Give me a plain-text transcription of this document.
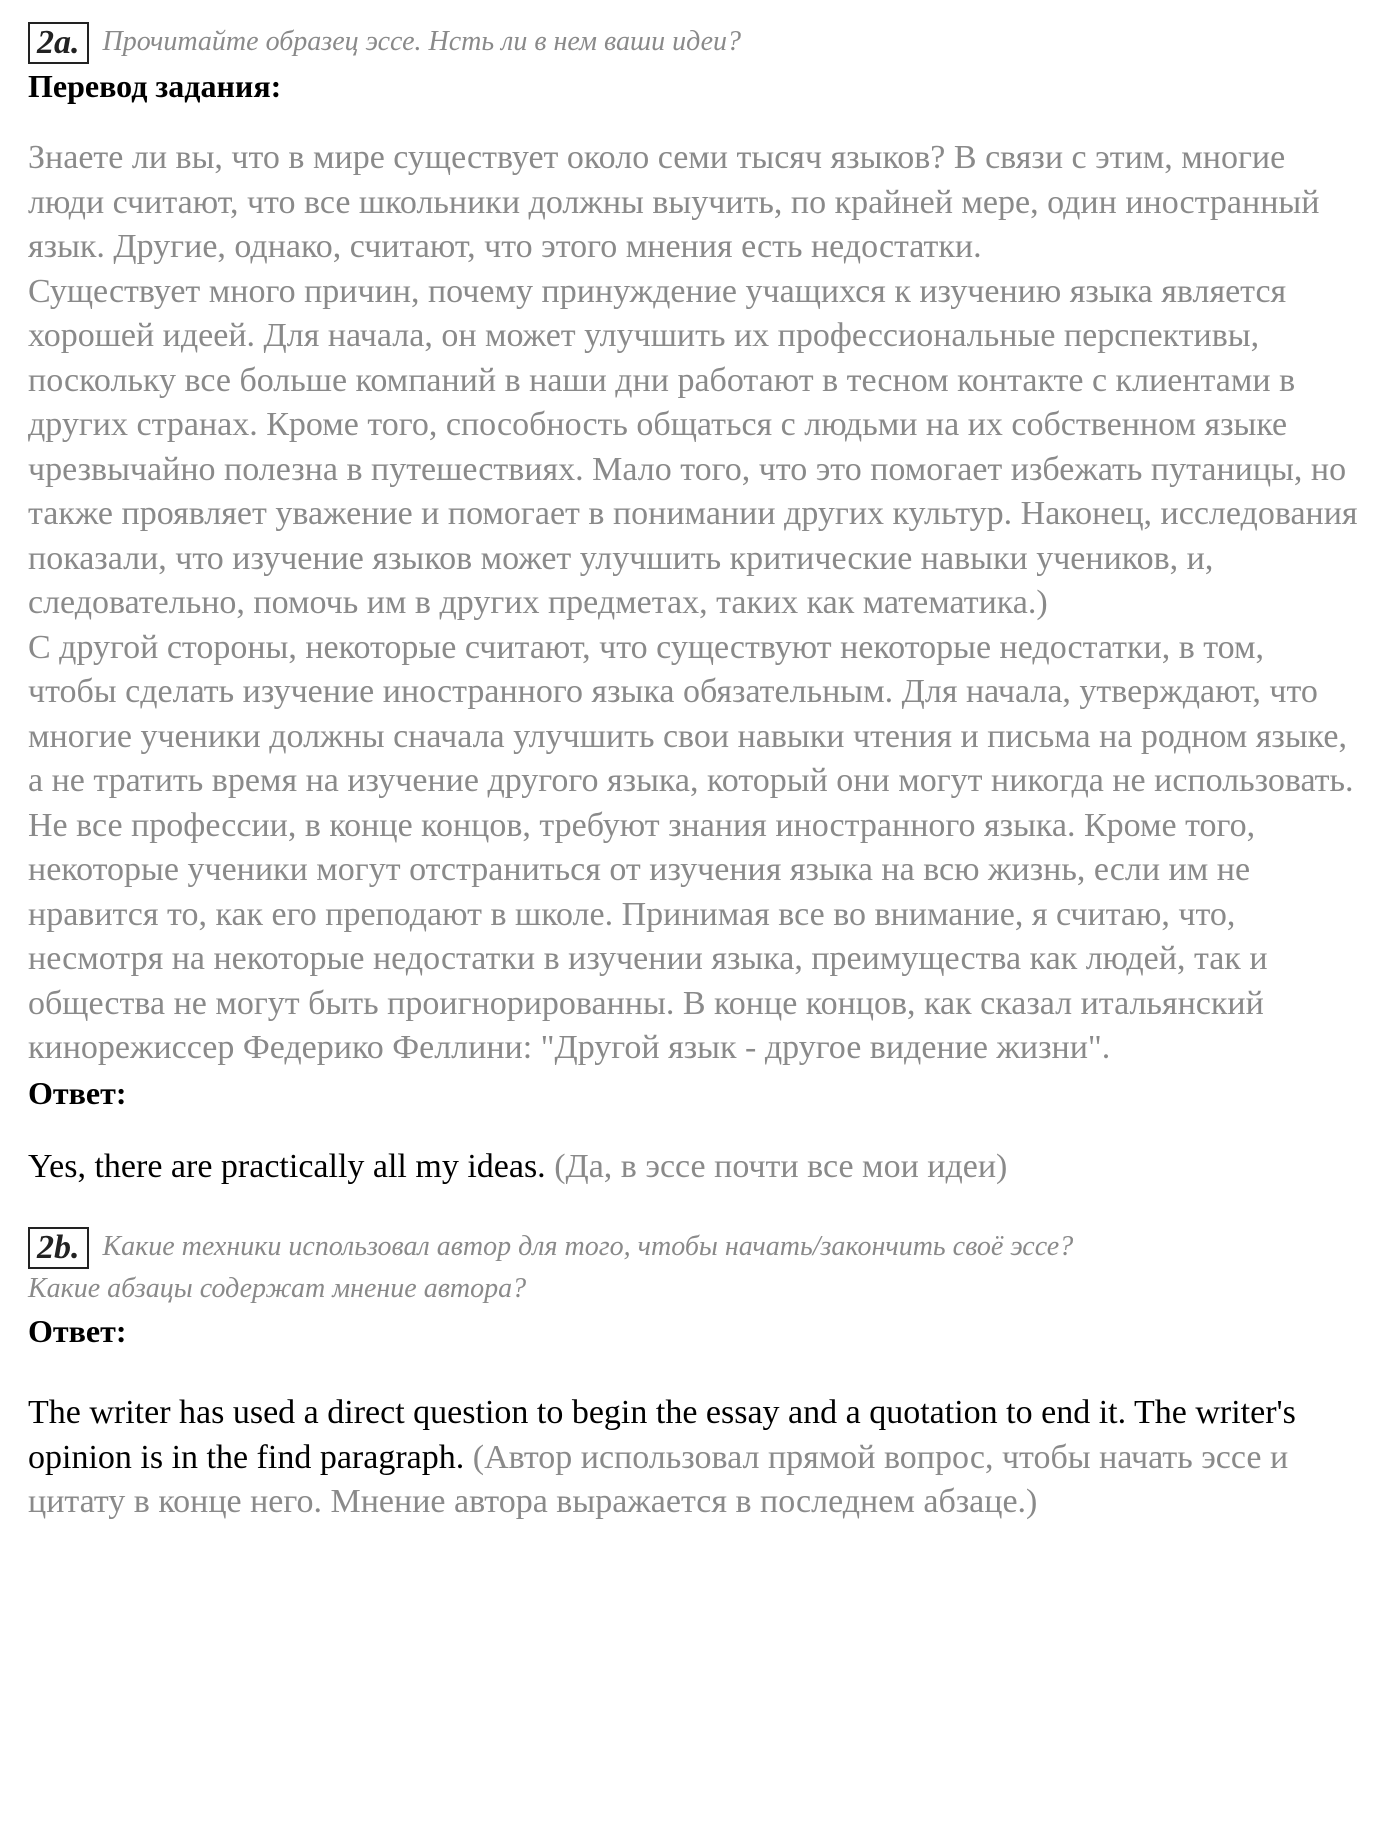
2a. Прочитайте образец эссе. Нсть ли в нем ваши идеи?
Перевод задания:

Знаете ли вы, что в мире существует около семи тысяч языков? В связи с этим, многие люди считают, что все школьники должны выучить, по крайней мере, один иностранный язык. Другие, однако, считают, что этого мнения есть недостатки.

Существует много причин, почему принуждение учащихся к изучению языка является хорошей идеей. Для начала, он может улучшить их профессиональные перспективы, поскольку все больше компаний в наши дни работают в тесном контакте с клиентами в других странах. Кроме того, способность общаться с людьми на их собственном языке чрезвычайно полезна в путешествиях. Мало того, что это помогает избежать путаницы, но также проявляет уважение и помогает в понимании других культур. Наконец, исследования показали, что изучение языков может улучшить критические навыки учеников, и, следовательно, помочь им в других предметах, таких как математика.)

С другой стороны, некоторые считают, что существуют некоторые недостатки, в том, чтобы сделать изучение иностранного языка обязательным. Для начала, утверждают, что многие ученики должны сначала улучшить свои навыки чтения и письма на родном языке, а не тратить время на изучение другого языка, который они могут никогда не использовать. Не все профессии, в конце концов, требуют знания иностранного языка. Кроме того, некоторые ученики могут отстраниться от изучения языка на всю жизнь, если им не нравится то, как его преподают в школе. Принимая все во внимание, я считаю, что, несмотря на некоторые недостатки в изучении языка, преимущества как людей, так и общества не могут быть проигнорированны. В конце концов, как сказал итальянский кинорежиссер Федерико Феллини: "Другой язык - другое видение жизни".

Ответ:

Yes, there are practically all my ideas. (Да, в эссе почти все мои идеи)

2b. Какие техники использовал автор для того, чтобы начать/закончить своё эссе?
Какие абзацы содержат мнение автора?
Ответ:

The writer has used a direct question to begin the essay and a quotation to end it. The writer's opinion is in the find paragraph. (Автор использовал прямой вопрос, чтобы начать эссе и цитату в конце него. Мнение автора выражается в последнем абзаце.)
